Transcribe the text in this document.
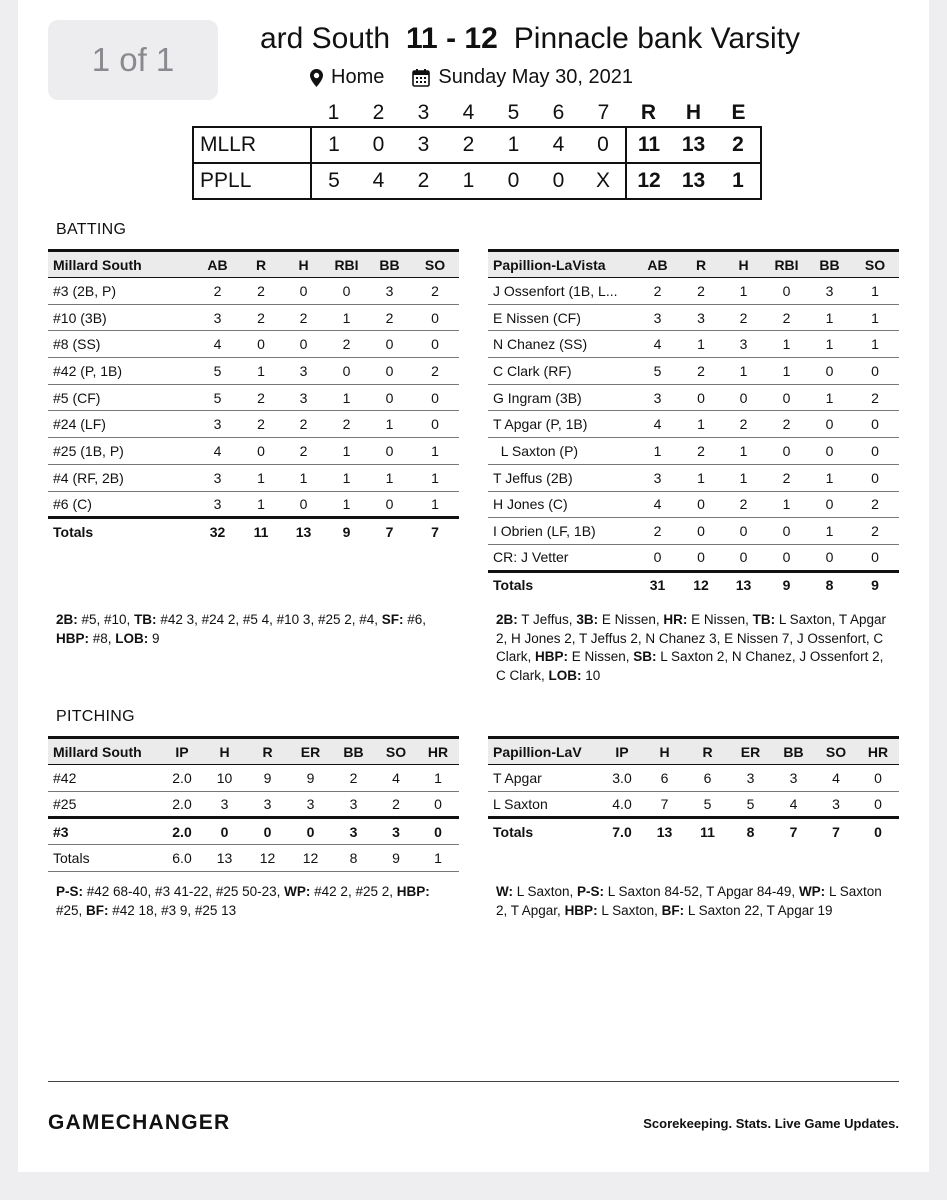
ard South 11 - 12 Pinnacle bank Varsity
1 of 1	Home	Sunday May 30, 2021
	1	2	3	4	5	6	7	R	H	E
MLLR	1	0	3	2	1	4	0	11	13	2
PPLL	5	4	2	1	0	0	X	12	13	1
BATTING
Millard South	AB	R	H	RBI	BB	SO
#3 (2B, P)	2	2	0	0	3	2
#10 (3B)	3	2	2	1	2	0
#8 (SS)	4	0	0	2	0	0
#42 (P, 1B)	5	1	3	0	0	2
#5 (CF)	5	2	3	1	0	0
#24 (LF)	3	2	2	2	1	0
#25 (1B, P)	4	0	2	1	0	1
#4 (RF, 2B)	3	1	1	1	1	1
#6 (C)	3	1	0	1	0	1
Totals	32	11	13	9	7	7
Papillion-LaVista	AB	R	H	RBI	BB	SO
J Ossenfort (1B, L...	2	2	1	0	3	1
E Nissen (CF)	3	3	2	2	1	1
N Chanez (SS)	4	1	3	1	1	1
C Clark (RF)	5	2	1	1	0	0
G Ingram (3B)	3	0	0	0	1	2
T Apgar (P, 1B)	4	1	2	2	0	0
L Saxton (P)	1	2	1	0	0	0
T Jeffus (2B)	3	1	1	2	1	0
H Jones (C)	4	0	2	1	0	2
I Obrien (LF, 1B)	2	0	0	0	1	2
CR: J Vetter	0	0	0	0	0	0
Totals	31	12	13	9	8	9
2B: #5, #10, TB: #42 3, #24 2, #5 4, #10 3, #25 2, #4, SF: #6, HBP: #8, LOB: 9
2B: T Jeffus, 3B: E Nissen, HR: E Nissen, TB: L Saxton, T Apgar 2, H Jones 2, T Jeffus 2, N Chanez 3, E Nissen 7, J Ossenfort, C Clark, HBP: E Nissen, SB: L Saxton 2, N Chanez, J Ossenfort 2, C Clark, LOB: 10
PITCHING
Millard South	IP	H	R	ER	BB	SO	HR
#42	2.0	10	9	9	2	4	1
#25	2.0	3	3	3	3	2	0
#3	2.0	0	0	0	3	3	0
Totals	6.0	13	12	12	8	9	1
Papillion-LaV	IP	H	R	ER	BB	SO	HR
T Apgar	3.0	6	6	3	3	4	0
L Saxton	4.0	7	5	5	4	3	0
Totals	7.0	13	11	8	7	7	0
P-S: #42 68-40, #3 41-22, #25 50-23, WP: #42 2, #25 2, HBP: #25, BF: #42 18, #3 9, #25 13
W: L Saxton, P-S: L Saxton 84-52, T Apgar 84-49, WP: L Saxton 2, T Apgar, HBP: L Saxton, BF: L Saxton 22, T Apgar 19
GAMECHANGER	Scorekeeping. Stats. Live Game Updates.
